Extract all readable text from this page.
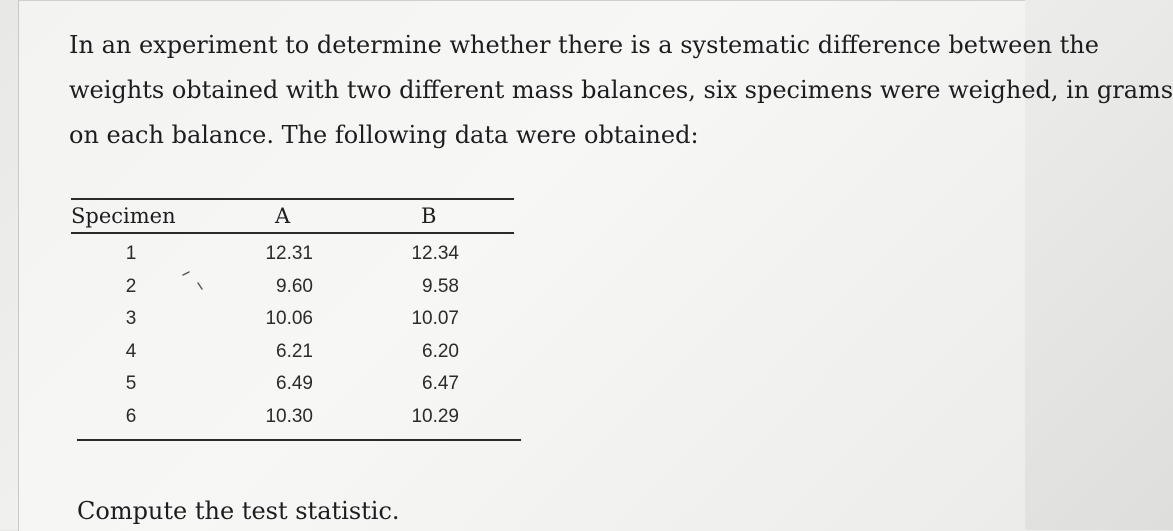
In an experiment to determine whether there is a systematic difference between the
weights obtained with two different mass balances, six specimens were weighed, in grams
on each balance. The following data were obtained:

Specimen	A	B
1	12.31	12.34
2	9.60	9.58
3	10.06	10.07
4	6.21	6.20
5	6.49	6.47
6	10.30	10.29

Compute the test statistic.
